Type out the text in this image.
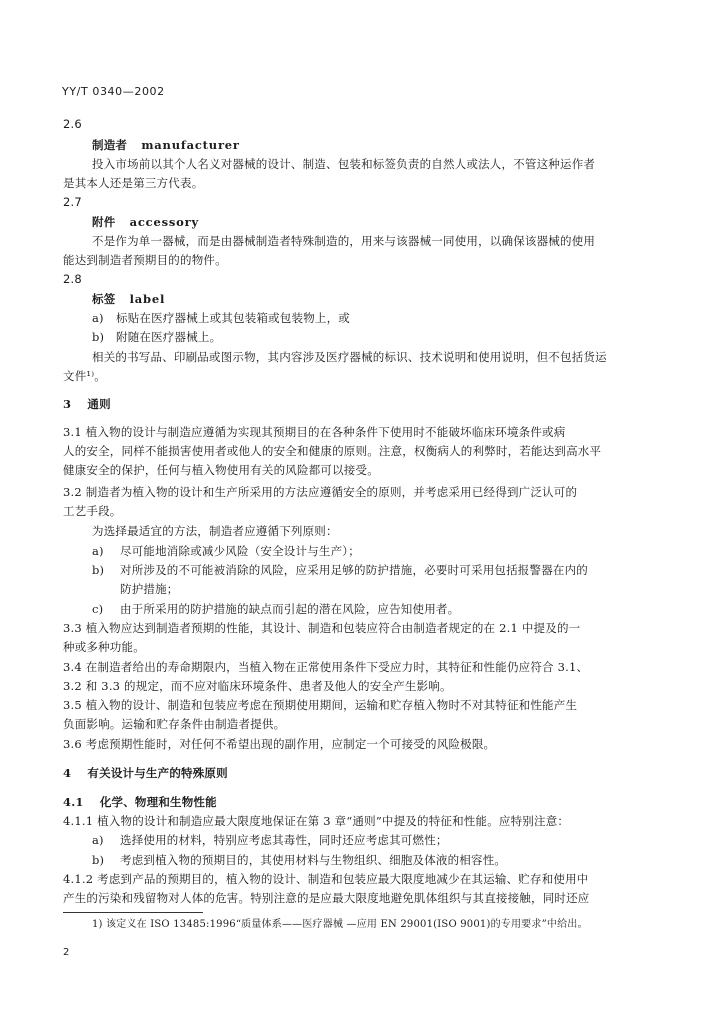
YY/T 0340—2002
2.6
制造者 manufacturer
投入市场前以其个人名义对器械的设计、制造、包装和标签负责的自然人或法人，不管这种运作者
是其本人还是第三方代表。
2.7
附件 accessory
不是作为单一器械，而是由器械制造者特殊制造的，用来与该器械一同使用，以确保该器械的使用
能达到制造者预期目的的物件。
2.8
标签 label
a) 标贴在医疗器械上或其包装箱或包装物上，或
b) 附随在医疗器械上。
相关的书写品、印刷品或图示物，其内容涉及医疗器械的标识、技术说明和使用说明，但不包括货运
文件¹⁾。
3 通则
3.1 植入物的设计与制造应遵循为实现其预期目的在各种条件下使用时不能破坏临床环境条件或病
人的安全，同样不能损害使用者或他人的安全和健康的原则。注意，权衡病人的利弊时，若能达到高水平
健康安全的保护，任何与植入物使用有关的风险都可以接受。
3.2 制造者为植入物的设计和生产所采用的方法应遵循安全的原则，并考虑采用已经得到广泛认可的
工艺手段。
为选择最适宜的方法，制造者应遵循下列原则：
a) 尽可能地消除或减少风险（安全设计与生产）；
b) 对所涉及的不可能被消除的风险，应采用足够的防护措施，必要时可采用包括报警器在内的
防护措施；
c) 由于所采用的防护措施的缺点而引起的潜在风险，应告知使用者。
3.3 植入物应达到制造者预期的性能，其设计、制造和包装应符合由制造者规定的在 2.1 中提及的一
种或多种功能。
3.4 在制造者给出的寿命期限内，当植入物在正常使用条件下受应力时，其特征和性能仍应符合 3.1、
3.2 和 3.3 的规定，而不应对临床环境条件、患者及他人的安全产生影响。
3.5 植入物的设计、制造和包装应考虑在预期使用期间，运输和贮存植入物时不对其特征和性能产生
负面影响。运输和贮存条件由制造者提供。
3.6 考虑预期性能时，对任何不希望出现的副作用，应制定一个可接受的风险极限。
4 有关设计与生产的特殊原则
4.1 化学、物理和生物性能
4.1.1 植入物的设计和制造应最大限度地保证在第 3 章“通则”中提及的特征和性能。应特别注意：
a) 选择使用的材料，特别应考虑其毒性，同时还应考虑其可燃性；
b) 考虑到植入物的预期目的，其使用材料与生物组织、细胞及体液的相容性。
4.1.2 考虑到产品的预期目的，植入物的设计、制造和包装应最大限度地减少在其运输、贮存和使用中
产生的污染和残留物对人体的危害。特别注意的是应最大限度地避免肌体组织与其直接接触，同时还应
1) 该定义在 ISO 13485:1996“质量体系——医疗器械 —应用 EN 29001(ISO 9001)的专用要求”中给出。
2
